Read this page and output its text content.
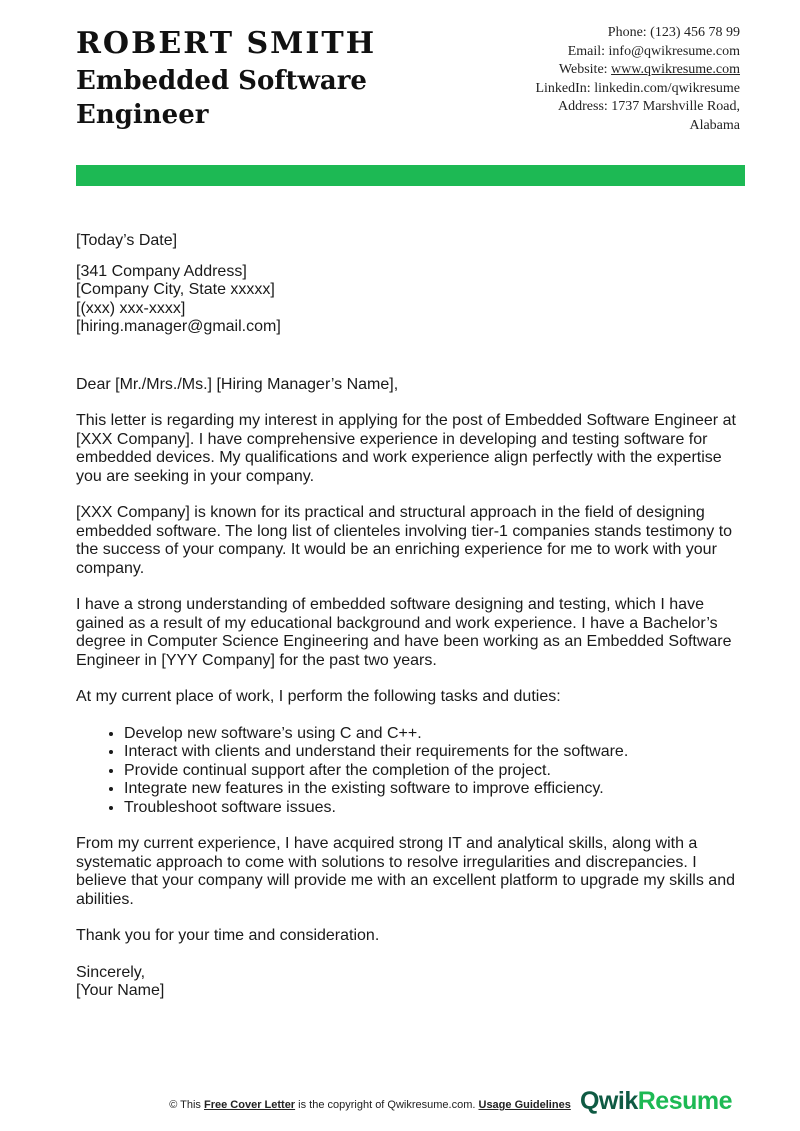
ROBERT SMITH
Embedded Software Engineer
Phone: (123) 456 78 99
Email: info@qwikresume.com
Website: www.qwikresume.com
LinkedIn: linkedin.com/qwikresume
Address: 1737 Marshville Road,
Alabama

[Today’s Date]

[341 Company Address]

[Company City, State xxxxx]

[(xxx) xxx-xxxx]

[hiring.manager@gmail.com]

Dear [Mr./Mrs./Ms.] [Hiring Manager’s Name],

This letter is regarding my interest in applying for the post of Embedded Software Engineer at [XXX Company]. I have comprehensive experience in developing and testing software for embedded devices. My qualifications and work experience align perfectly with the expertise you are seeking in your company.

[XXX Company] is known for its practical and structural approach in the field of designing embedded software. The long list of clienteles involving tier-1 companies stands testimony to the success of your company. It would be an enriching experience for me to work with your company.

I have a strong understanding of embedded software designing and testing, which I have gained as a result of my educational background and work experience. I have a Bachelor’s degree in Computer Science Engineering and have been working as an Embedded Software Engineer in [YYY Company] for the past two years.

At my current place of work, I perform the following tasks and duties:

• Develop new software’s using C and C++.
• Interact with clients and understand their requirements for the software.
• Provide continual support after the completion of the project.
• Integrate new features in the existing software to improve efficiency.
• Troubleshoot software issues.

From my current experience, I have acquired strong IT and analytical skills, along with a systematic approach to come with solutions to resolve irregularities and discrepancies. I believe that your company will provide me with an excellent platform to upgrade my skills and abilities.

Thank you for your time and consideration.

Sincerely,

[Your Name]

© This Free Cover Letter is the copyright of Qwikresume.com. Usage Guidelines QwikResume
